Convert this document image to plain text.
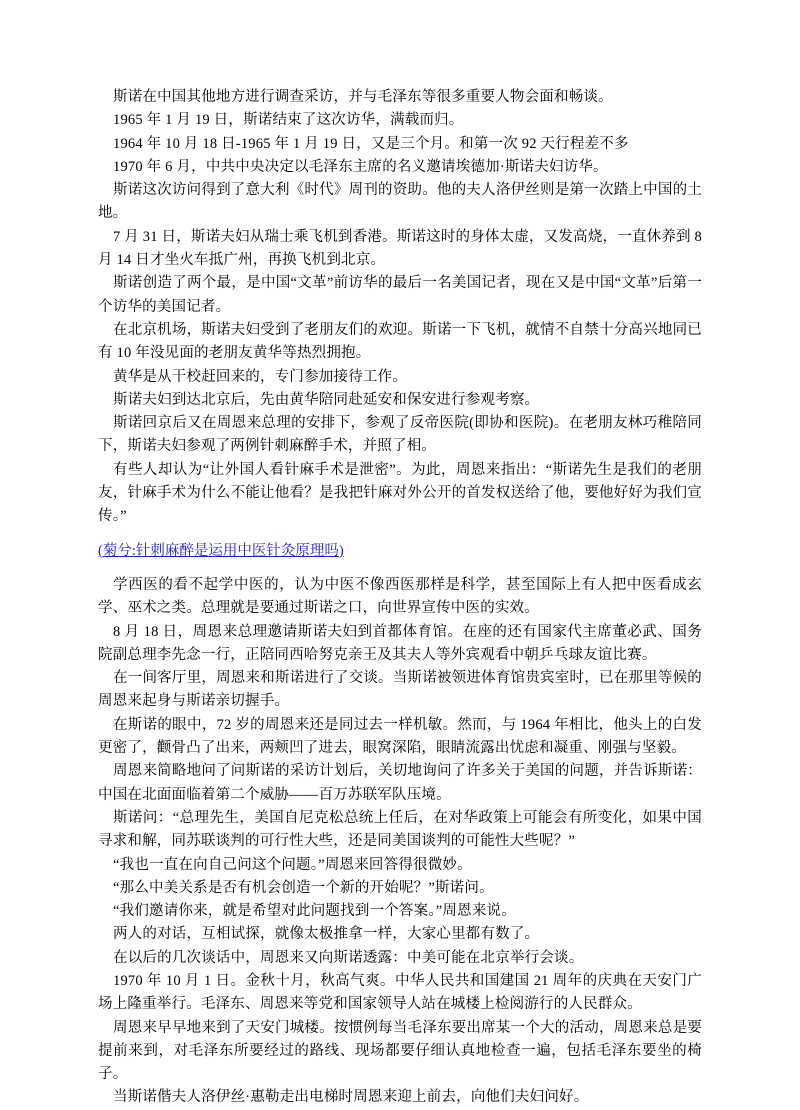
斯诺在中国其他地方进行调查采访，并与毛泽东等很多重要人物会面和畅谈。

1965 年 1 月 19 日，斯诺结束了这次访华，满载而归。

1964 年 10 月 18 日-1965 年 1 月 19 日，又是三个月。和第一次 92 天行程差不多

1970 年 6 月，中共中央决定以毛泽东主席的名义邀请埃德加·斯诺夫妇访华。

斯诺这次访问得到了意大利《时代》周刊的资助。他的夫人洛伊丝则是第一次踏上中国的土地。

7 月 31 日，斯诺夫妇从瑞士乘飞机到香港。斯诺这时的身体太虚，又发高烧，一直休养到 8 月 14 日才坐火车抵广州，再换飞机到北京。

斯诺创造了两个最，是中国“文革”前访华的最后一名美国记者，现在又是中国“文革”后第一个访华的美国记者。

在北京机场，斯诺夫妇受到了老朋友们的欢迎。斯诺一下飞机，就情不自禁十分高兴地同已有 10 年没见面的老朋友黄华等热烈拥抱。

黄华是从干校赶回来的，专门参加接待工作。

斯诺夫妇到达北京后，先由黄华陪同赴延安和保安进行参观考察。

斯诺回京后又在周恩来总理的安排下，参观了反帝医院(即协和医院)。在老朋友林巧稚陪同下，斯诺夫妇参观了两例针刺麻醉手术，并照了相。

有些人却认为“让外国人看针麻手术是泄密”。为此，周恩来指出：“斯诺先生是我们的老朋友，针麻手术为什么不能让他看？是我把针麻对外公开的首发权送给了他，要他好好为我们宣传。”

(菊兮:针刺麻醉是运用中医针灸原理吗)

学西医的看不起学中医的，认为中医不像西医那样是科学，甚至国际上有人把中医看成玄学、巫术之类。总理就是要通过斯诺之口，向世界宣传中医的实效。

8 月 18 日，周恩来总理邀请斯诺夫妇到首都体育馆。在座的还有国家代主席董必武、国务院副总理李先念一行，正陪同西哈努克亲王及其夫人等外宾观看中朝乒乓球友谊比赛。

在一间客厅里，周恩来和斯诺进行了交谈。当斯诺被领进体育馆贵宾室时，已在那里等候的周恩来起身与斯诺亲切握手。

在斯诺的眼中，72 岁的周恩来还是同过去一样机敏。然而，与 1964 年相比，他头上的白发更密了，颧骨凸了出来，两颊凹了进去，眼窝深陷，眼睛流露出忧虑和凝重、刚强与坚毅。

周恩来简略地问了问斯诺的采访计划后，关切地询问了许多关于美国的问题，并告诉斯诺：中国在北面面临着第二个威胁——百万苏联军队压境。

斯诺问：“总理先生，美国自尼克松总统上任后，在对华政策上可能会有所变化，如果中国寻求和解，同苏联谈判的可行性大些，还是同美国谈判的可能性大些呢？”

“我也一直在向自己问这个问题。”周恩来回答得很微妙。

“那么中美关系是否有机会创造一个新的开始呢？”斯诺问。

“我们邀请你来，就是希望对此问题找到一个答案。”周恩来说。

两人的对话，互相试探，就像太极推拿一样，大家心里都有数了。

在以后的几次谈话中，周恩来又向斯诺透露：中美可能在北京举行会谈。

1970 年 10 月 1 日。金秋十月，秋高气爽。中华人民共和国建国 21 周年的庆典在天安门广场上隆重举行。毛泽东、周恩来等党和国家领导人站在城楼上检阅游行的人民群众。

周恩来早早地来到了天安门城楼。按惯例每当毛泽东要出席某一个大的活动，周恩来总是要提前来到，对毛泽东所要经过的路线、现场都要仔细认真地检查一遍，包括毛泽东要坐的椅子。

当斯诺偕夫人洛伊丝·惠勒走出电梯时周恩来迎上前去，向他们夫妇问好。
